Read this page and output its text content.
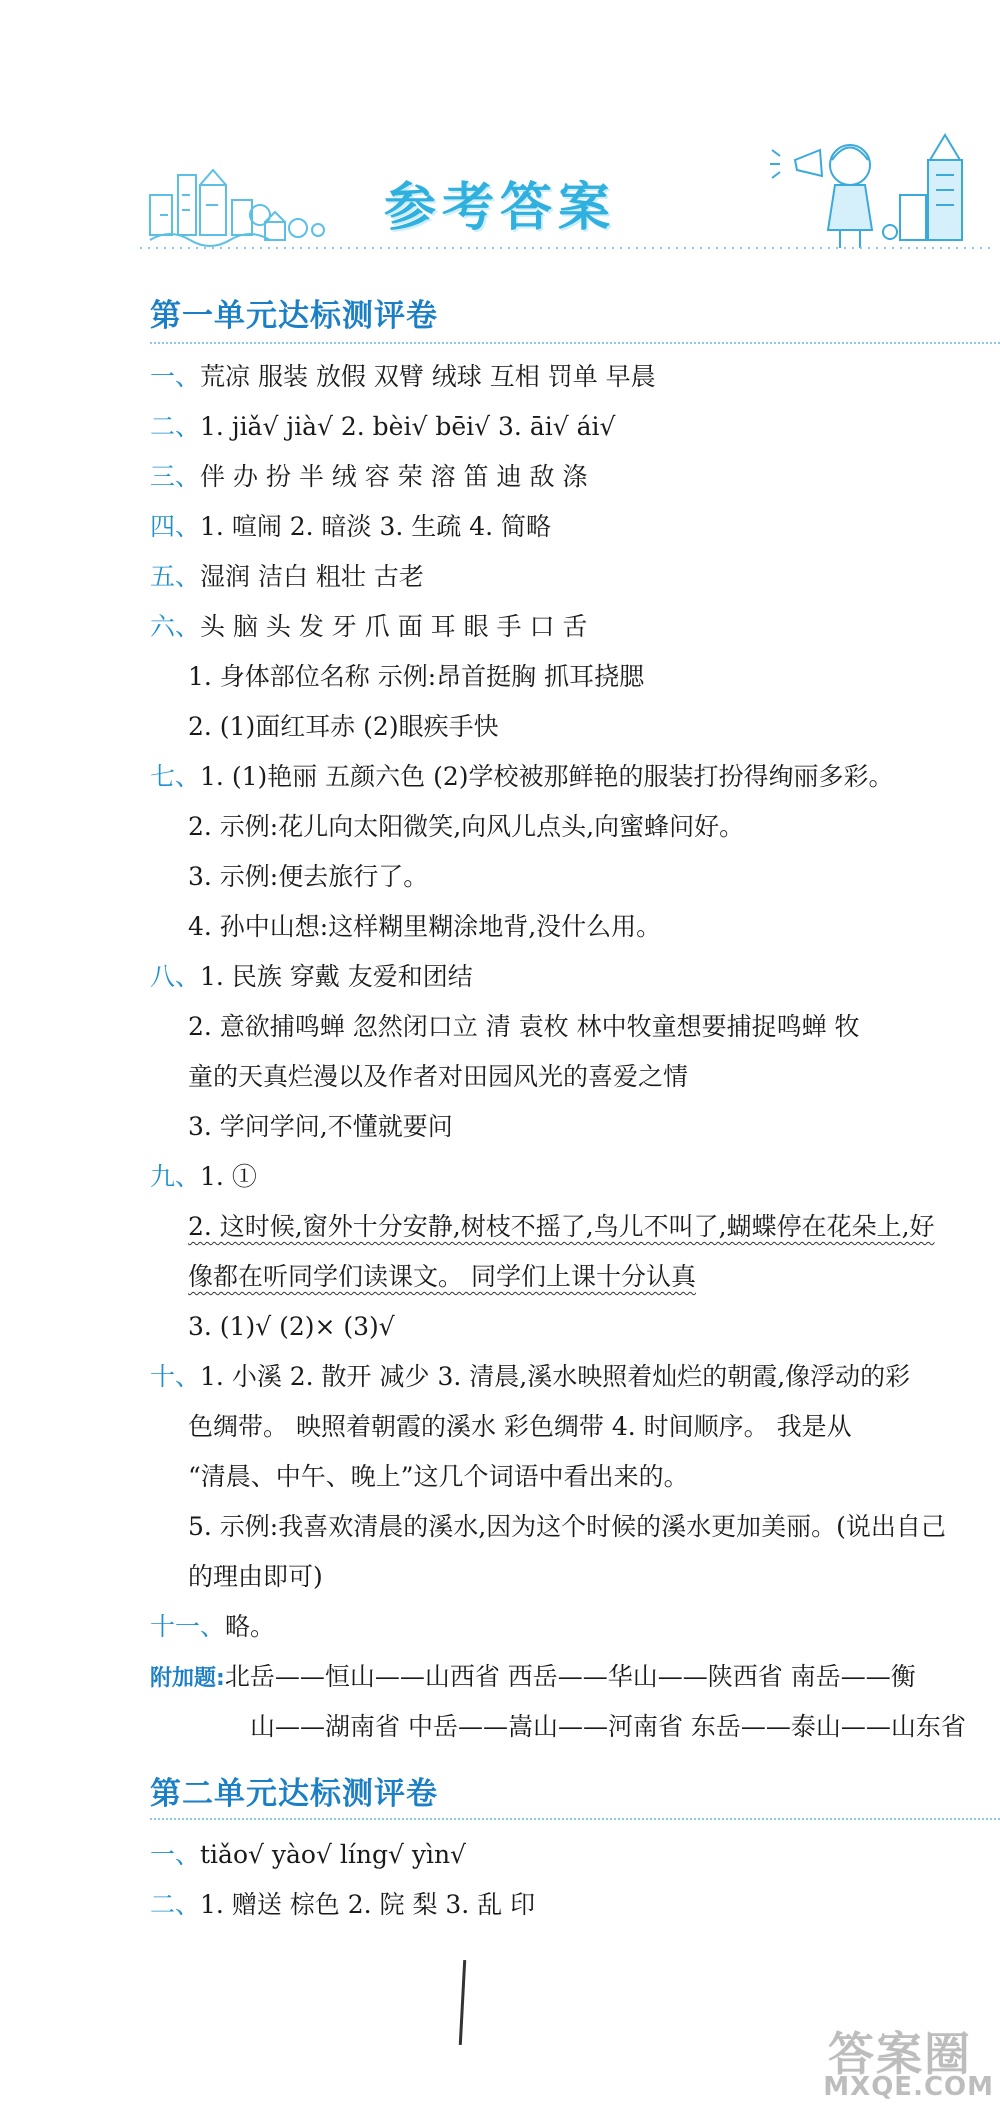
参考答案
第一单元达标测评卷
一、荒凉 服装 放假 双臂 绒球 互相 罚单 早晨
二、1. jiǎ√ jià√ 2. bèi√ bēi√ 3. āi√ ái√
三、伴 办 扮 半 绒 容 荣 溶 笛 迪 敌 涤
四、1. 喧闹 2. 暗淡 3. 生疏 4. 简略
五、湿润 洁白 粗壮 古老
六、头 脑 头 发 牙 爪 面 耳 眼 手 口 舌
1. 身体部位名称 示例:昂首挺胸 抓耳挠腮
2. (1)面红耳赤 (2)眼疾手快
七、1. (1)艳丽 五颜六色 (2)学校被那鲜艳的服装打扮得绚丽多彩。
2. 示例:花儿向太阳微笑,向风儿点头,向蜜蜂问好。
3. 示例:便去旅行了。
4. 孙中山想:这样糊里糊涂地背,没什么用。
八、1. 民族 穿戴 友爱和团结
2. 意欲捕鸣蝉 忽然闭口立 清 袁枚 林中牧童想要捕捉鸣蝉 牧
童的天真烂漫以及作者对田园风光的喜爱之情
3. 学问学问,不懂就要问
九、1. ①
2. 这时候,窗外十分安静,树枝不摇了,鸟儿不叫了,蝴蝶停在花朵上,好
像都在听同学们读课文。 同学们上课十分认真
3. (1)√ (2)× (3)√
十、1. 小溪 2. 散开 减少 3. 清晨,溪水映照着灿烂的朝霞,像浮动的彩
色绸带。 映照着朝霞的溪水 彩色绸带 4. 时间顺序。 我是从
“清晨、中午、晚上”这几个词语中看出来的。
5. 示例:我喜欢清晨的溪水,因为这个时候的溪水更加美丽。(说出自己
的理由即可)
十一、略。
附加题:北岳——恒山——山西省 西岳——华山——陕西省 南岳——衡
山——湖南省 中岳——嵩山——河南省 东岳——泰山——山东省
第二单元达标测评卷
一、tiǎo√ yào√ líng√ yìn√
二、1. 赠送 棕色 2. 院 梨 3. 乱 印
答案圈
MXQE.COM
